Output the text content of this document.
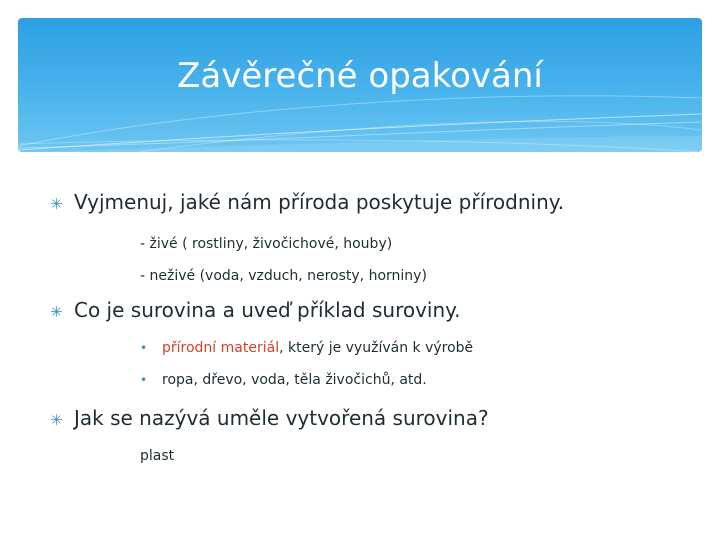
Závěrečné opakování
✳ Vyjmenuj, jaké nám příroda poskytuje přírodniny.
- živé ( rostliny, živočichové, houby)
- neživé (voda, vzduch, nerosty, horniny)
✳ Co je surovina a uveď příklad suroviny.
•	přírodní materiál , který je využíván k výrobě
•	ropa, dřevo, voda, těla živočichů, atd.
✳ Jak se nazývá uměle vytvořená surovina?
plast
